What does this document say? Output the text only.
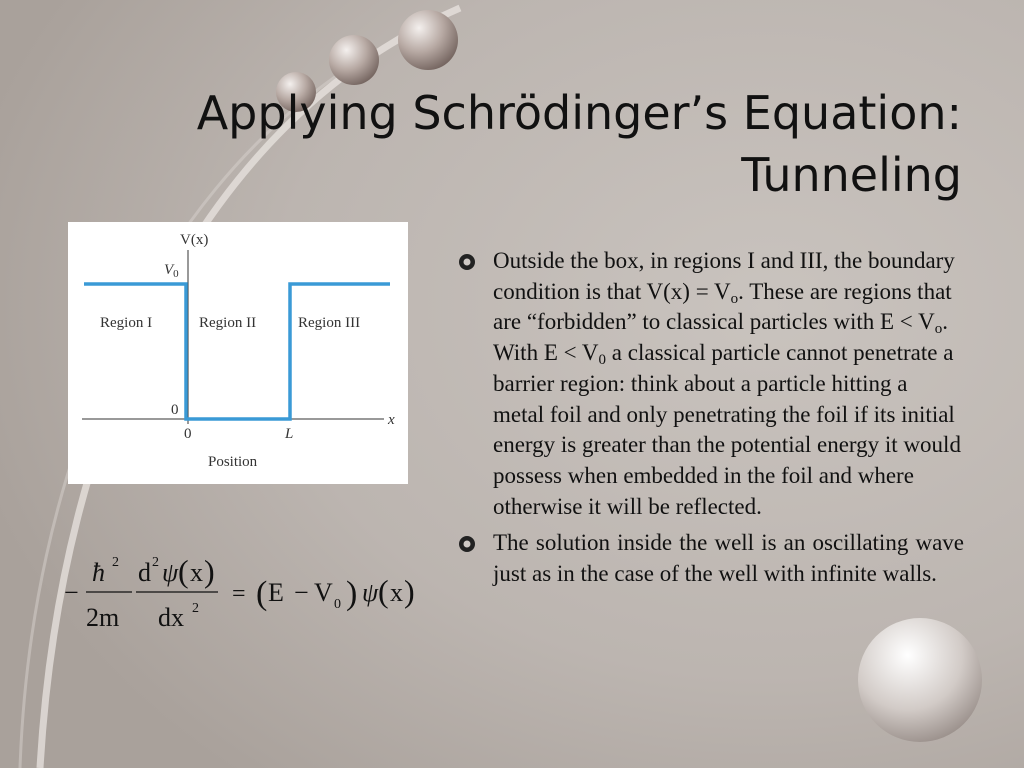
Applying Schrödinger’s Equation:
Tunneling
V(x)
$V_0$
0
Region I	Region II	Region III
x
0	L
Position
Outside the box, in regions I and III, the boundary condition is that $V(x) = V_o$. These are regions that are “forbidden” to classical particles with $E < V_o$. With $E < V_0$ a classical particle cannot penetrate a barrier region: think about a particle hitting a metal foil and only penetrating the foil if its initial energy is greater than the potential energy it would possess when embedded in the foil and where otherwise it will be reflected.
The solution inside the well is an oscillating wave just as in the case of the well with infinite walls.
−
ħ 2
2m
d 2 ψ ( x )
dx 2
= ( E − V 0 ) ψ ( x )
